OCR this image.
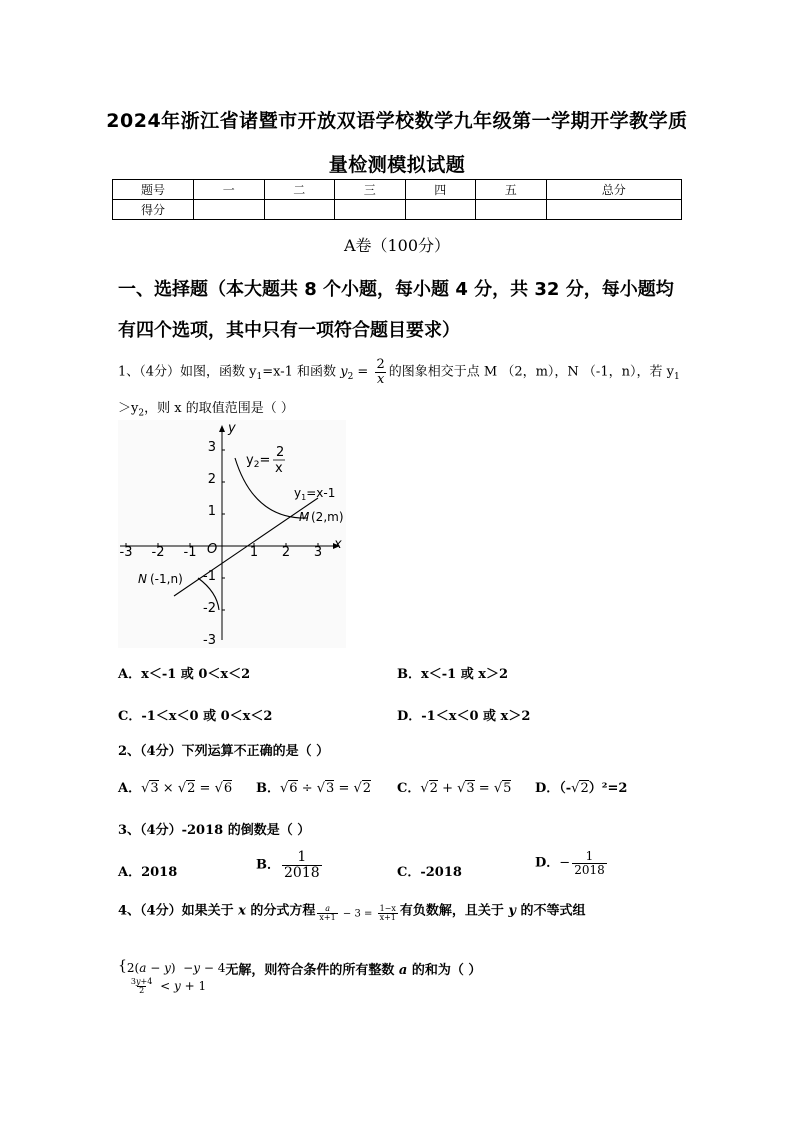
2024年浙江省诸暨市开放双语学校数学九年级第一学期开学教学质
量检测模拟试题
题号	一	二	三	四	五	总分
得分						
A卷（100分）
一、选择题（本大题共 8 个小题，每小题 4 分，共 32 分，每小题均
有四个选项，其中只有一项符合题目要求）
1、（4分）如图，函数 $y_1=x-1$ 和函数 $y_2 = \frac{2}{x}$ 的图象相交于点 M （2，m），N （-1，n），若 $y_1$
$>y_2$，则 x 的取值范围是（ ）
-3 -2 -1	1 2 3
3
2
1
-1
-2
-3
O
y
x
$y_2=$
2
x
$y_1=x-1$
M (2,m)
N (-1,n)
A．x＜-1 或 0＜x＜2	B．x＜-1 或 x＞2
C．-1＜x＜0 或 0＜x＜2	D．-1＜x＜0 或 x＞2
2、（4分）下列运算不正确的是（ ）
A．√3 × √2 = √6 B．√6 ÷ √3 = √2 C．√2 + √3 = √5 D．（-√2）²=2
3、（4分）-2018 的倒数是（ ）
A．2018	B． $\frac{1}{2018}$	C．-2018
D．− $\frac{1}{2018}$
4、（4分）如果关于 x 的分式方程 $\frac{a}{x+1} - 3 = \frac{1-x}{x+1}$ 有负数解，且关于 y 的不等式组
{2(a − y)  −y − 4

$\frac{3y+4}{2} < y + 1$无解，则符合条件的所有整数 a 的和为（ ）
